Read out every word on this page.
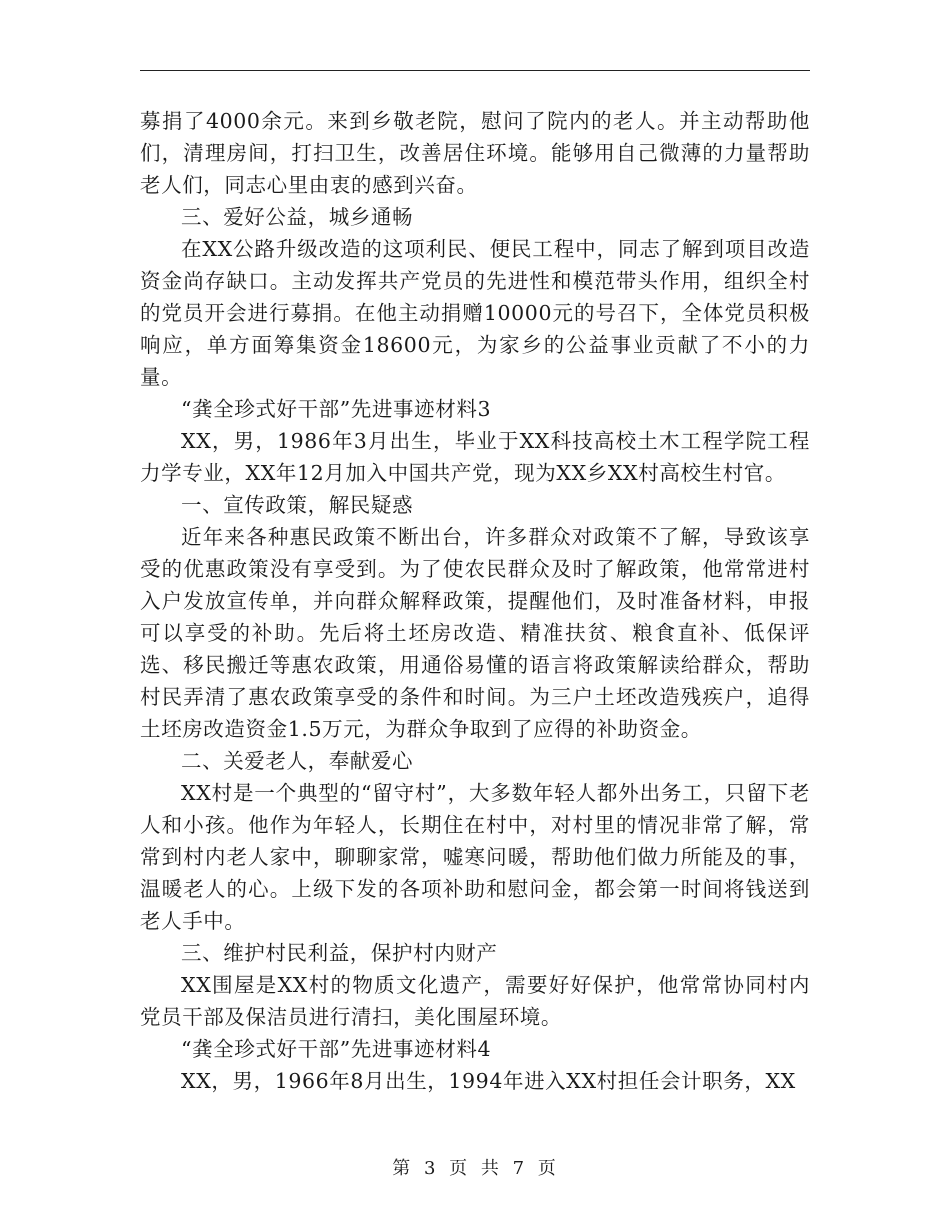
募捐了4000余元。来到乡敬老院，慰问了院内的老人。并主动帮助他们，清理房间，打扫卫生，改善居住环境。能够用自己微薄的力量帮助老人们，同志心里由衷的感到兴奋。

三、爱好公益，城乡通畅

在XX公路升级改造的这项利民、便民工程中，同志了解到项目改造资金尚存缺口。主动发挥共产党员的先进性和模范带头作用，组织全村的党员开会进行募捐。在他主动捐赠10000元的号召下，全体党员积极响应，单方面筹集资金18600元，为家乡的公益事业贡献了不小的力量。

“龚全珍式好干部”先进事迹材料3

XX，男，1986年3月出生，毕业于XX科技高校土木工程学院工程力学专业，XX年12月加入中国共产党，现为XX乡XX村高校生村官。

一、宣传政策，解民疑惑

近年来各种惠民政策不断出台，许多群众对政策不了解，导致该享受的优惠政策没有享受到。为了使农民群众及时了解政策，他常常进村入户发放宣传单，并向群众解释政策，提醒他们，及时准备材料，申报可以享受的补助。先后将土坯房改造、精准扶贫、粮食直补、低保评选、移民搬迁等惠农政策，用通俗易懂的语言将政策解读给群众，帮助村民弄清了惠农政策享受的条件和时间。为三户土坯改造残疾户，追得土坯房改造资金1.5万元，为群众争取到了应得的补助资金。

二、关爱老人，奉献爱心

XX村是一个典型的“留守村”，大多数年轻人都外出务工，只留下老人和小孩。他作为年轻人，长期住在村中，对村里的情况非常了解，常常到村内老人家中，聊聊家常，嘘寒问暖，帮助他们做力所能及的事，温暖老人的心。上级下发的各项补助和慰问金，都会第一时间将钱送到老人手中。

三、维护村民利益，保护村内财产

XX围屋是XX村的物质文化遗产，需要好好保护，他常常协同村内党员干部及保洁员进行清扫，美化围屋环境。

“龚全珍式好干部”先进事迹材料4

XX，男，1966年8月出生，1994年进入XX村担任会计职务，XX

第 3 页 共 7 页
